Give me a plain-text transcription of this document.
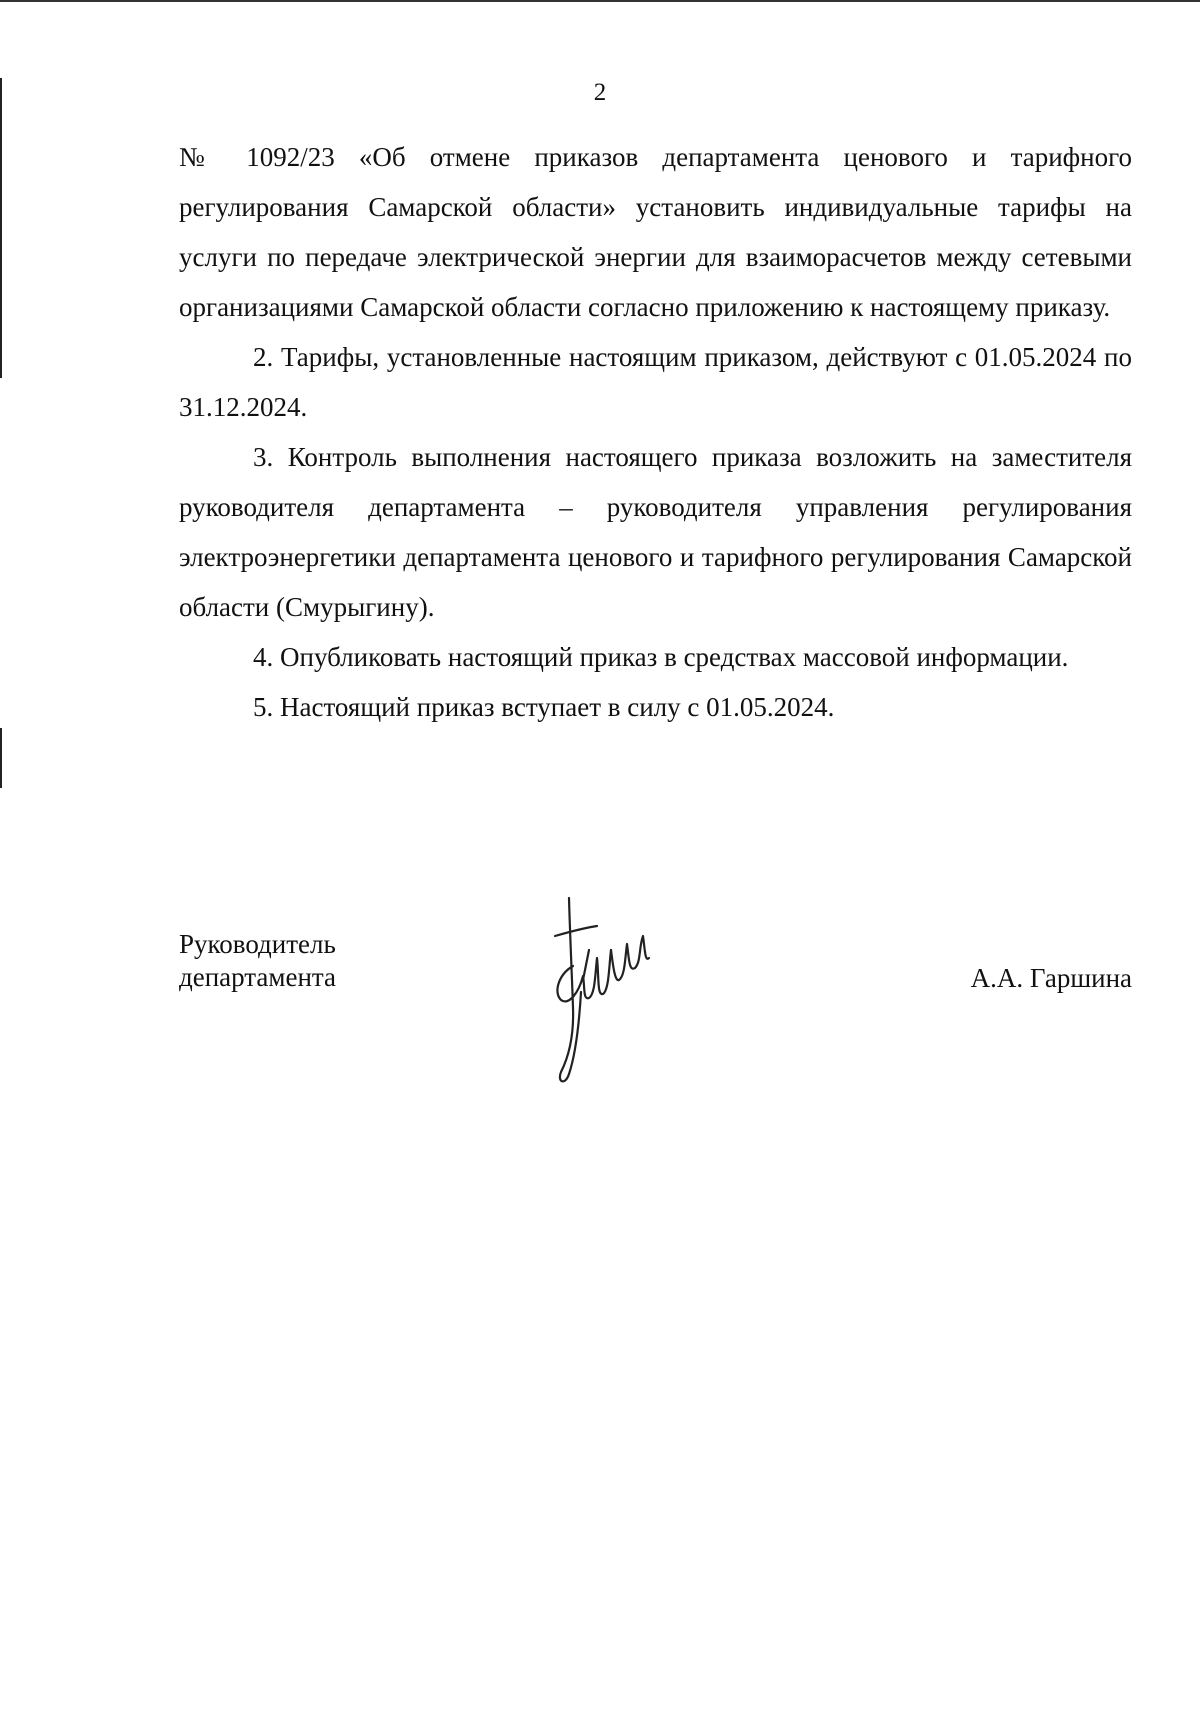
2

№ 1092/23 «Об отмене приказов департамента ценового и тарифного регулирования Самарской области» установить индивидуальные тарифы на услуги по передаче электрической энергии для взаиморасчетов между сетевыми организациями Самарской области согласно приложению к настоящему приказу.

2. Тарифы, установленные настоящим приказом, действуют с 01.05.2024 по 31.12.2024.

3. Контроль выполнения настоящего приказа возложить на заместителя руководителя департамента – руководителя управления регулирования электроэнергетики департамента ценового и тарифного регулирования Самарской области (Смурыгину).

4. Опубликовать настоящий приказ в средствах массовой информации.

5. Настоящий приказ вступает в силу с 01.05.2024.

Руководитель
департамента	А.А. Гаршина
